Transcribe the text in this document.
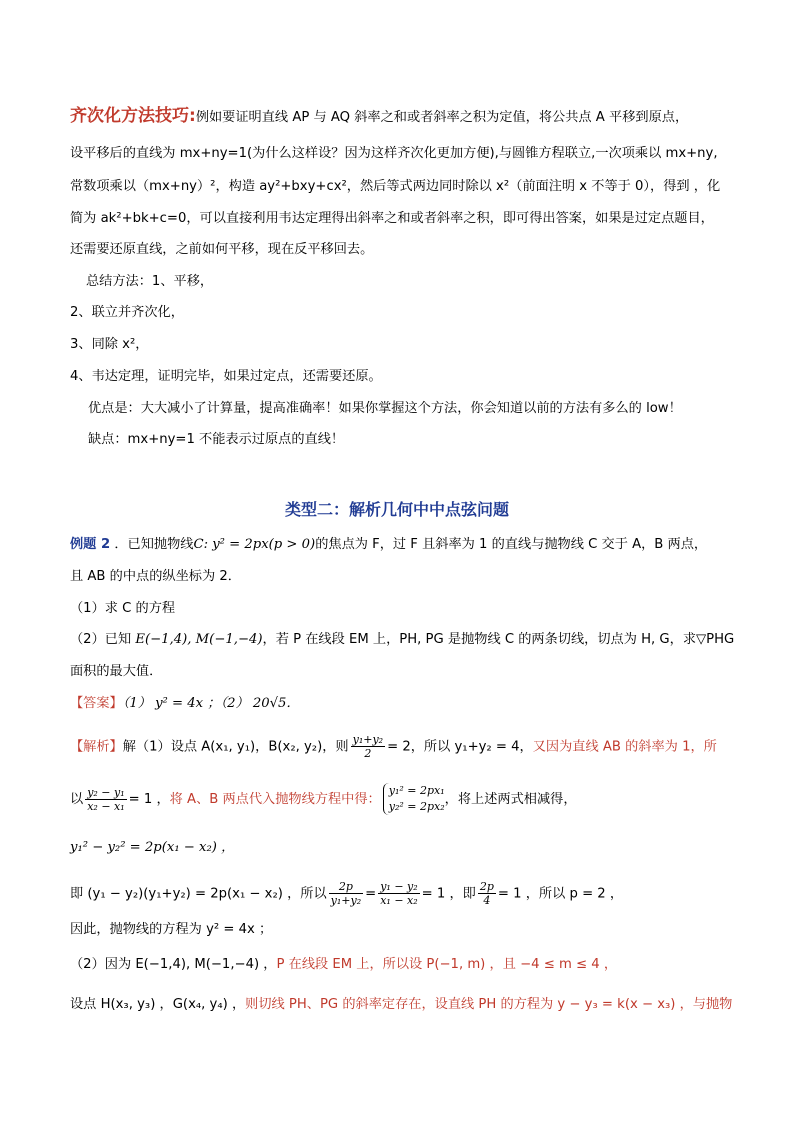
齐次化方法技巧:例如要证明直线 AP 与 AQ 斜率之和或者斜率之积为定值，将公共点 A 平移到原点，
设平移后的直线为 mx+ny=1(为什么这样设？因为这样齐次化更加方便),与圆锥方程联立,一次项乘以 mx+ny,
常数项乘以（mx+ny）²，构造 ay²+bxy+cx²，然后等式两边同时除以 x²（前面注明 x 不等于 0），得到 ，化
简为 ak²+bk+c=0，可以直接利用韦达定理得出斜率之和或者斜率之积，即可得出答案，如果是过定点题目，
还需要还原直线，之前如何平移，现在反平移回去。
总结方法：1、平移，
2、联立并齐次化，
3、同除 x²，
4、韦达定理，证明完毕，如果过定点，还需要还原。
优点是：大大减小了计算量，提高准确率！如果你掌握这个方法，你会知道以前的方法有多么的 low！
缺点：mx+ny=1 不能表示过原点的直线！
类型二：解析几何中中点弦问题
例题 2 ．已知抛物线C: y² = 2px(p > 0)的焦点为 F，过 F 且斜率为 1 的直线与抛物线 C 交于 A，B 两点，
且 AB 的中点的纵坐标为 2．
（1）求 C 的方程
（2）已知 E(−1,4), M(−1,−4)，若 P 在线段 EM 上，PH, PG 是抛物线 C 的两条切线，切点为 H, G，求▽PHG
面积的最大值．
【答案】（1） y² = 4x ；（2） 20√5．
【解析】解（1）设点 A(x₁, y₁)，B(x₂, y₂)，则 $\frac{\text{y₁+y₂}}{2} = 2$，所以 y₁+y₂ = 4，又因为直线 AB 的斜率为 1，所
以 $\frac{\text{y₂ − y₁}}{\text{x₂ − x₁}} = 1$ ，将 A、B 两点代入抛物线方程中得：
y₁² = 2px₁
y₂² = 2px₂ ，将上述两式相减得，
y₁² − y₂² = 2p(x₁ − x₂) ，
即 (y₁ − y₂)(y₁+y₂) = 2p(x₁ − x₂) ，所以 $\frac{2p}{\text{y₁+y₂}} = \frac{\text{y₁ − y₂}}{\text{x₁ − x₂}} = 1$ ，即 $\frac{2p}{4} = 1$ ，所以 p = 2 ，
因此，抛物线的方程为 y² = 4x ；
（2）因为 E(−1,4), M(−1,−4) ，P 在线段 EM 上，所以设 P(−1, m) ，且 −4 ≤ m ≤ 4 ，
设点 H(x₃, y₃) ，G(x₄, y₄) ，则切线 PH、PG 的斜率定存在，设直线 PH 的方程为 y − y₃ = k(x − x₃) ，与抛物
